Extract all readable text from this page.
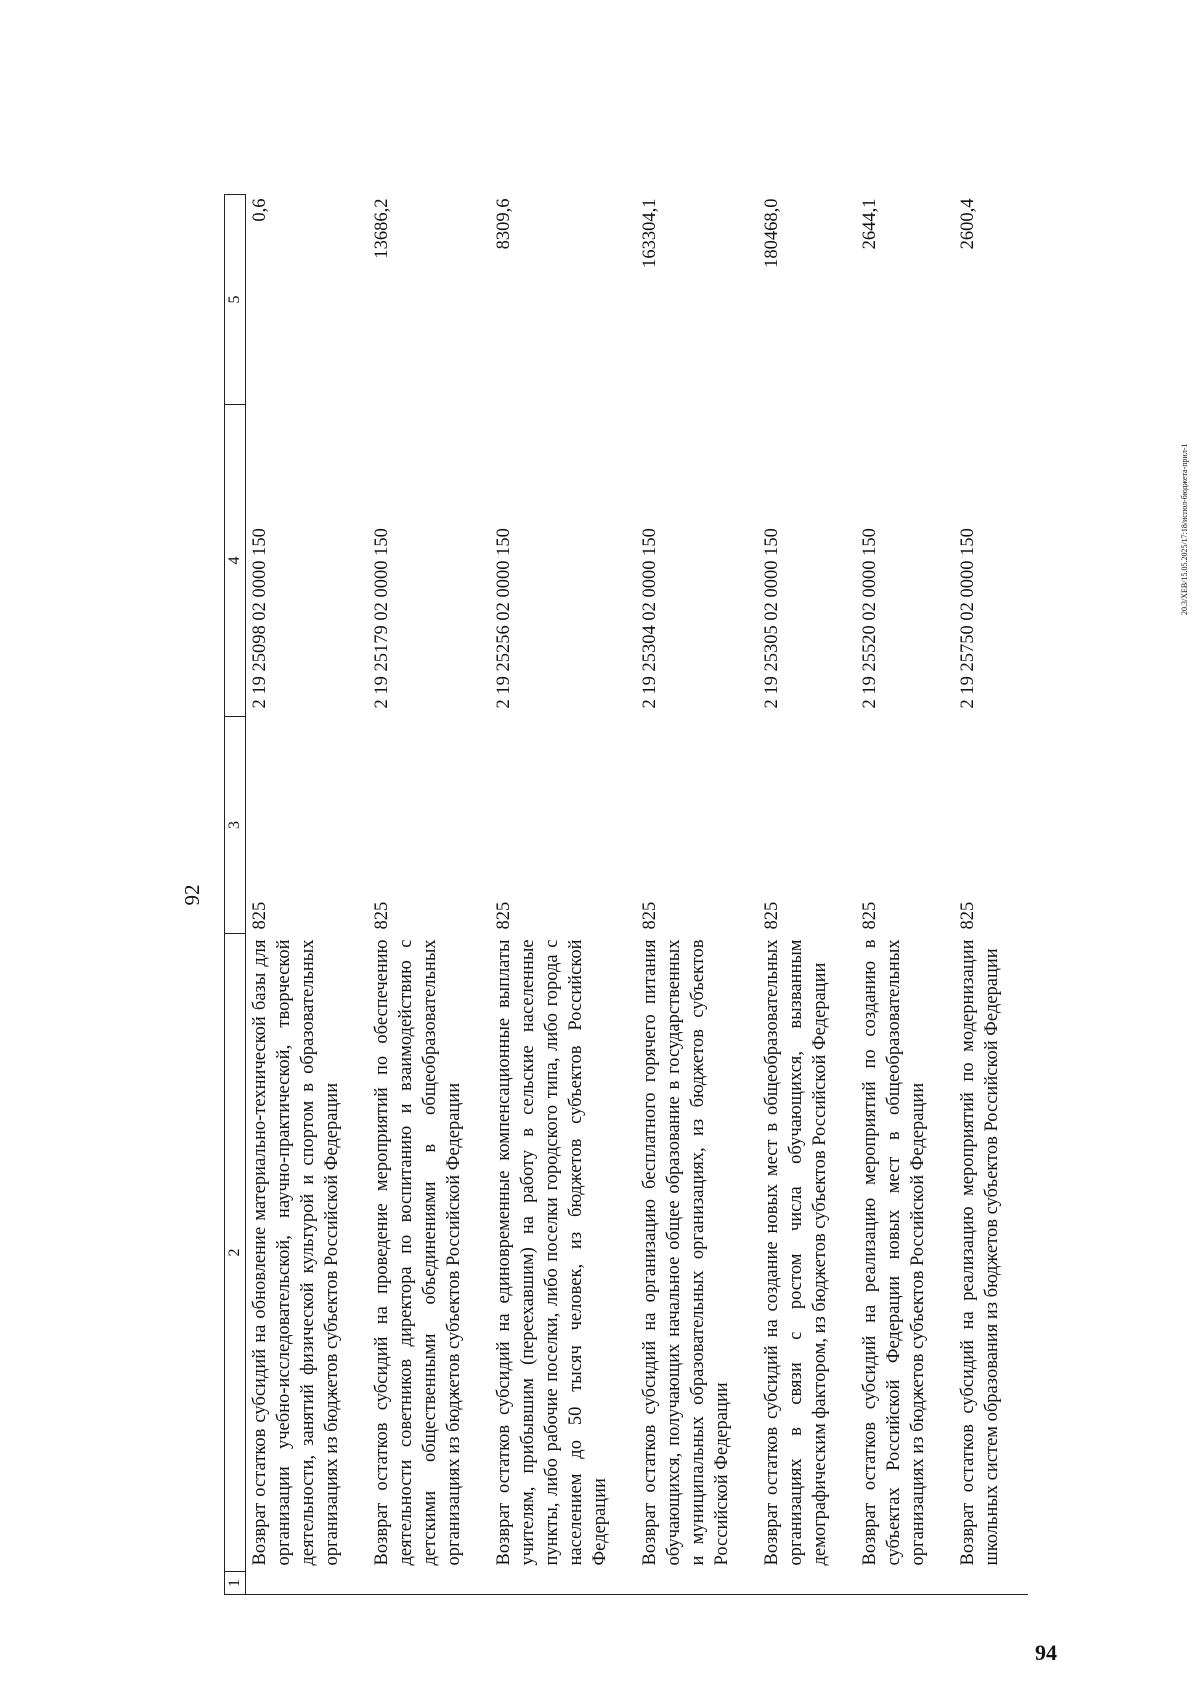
92
1	2	3	4	5
	Возврат остатков субсидий на обновление материально-технической базы для организации учебно-исследовательской, научно-практической, творческой деятельности, занятий физической культурой и спортом в образовательных организациях из бюджетов субъектов Российской Федерации	825	2 19 25098 02 0000 150	0,6
	Возврат остатков субсидий на проведение мероприятий по обеспечению деятельности советников директора по воспитанию и взаимодействию с детскими общественными объединениями в общеобразовательных организациях из бюджетов субъектов Российской Федерации	825	2 19 25179 02 0000 150	13686,2
	Возврат остатков субсидий на единовременные компенсационные выплаты учителям, прибывшим (переехавшим) на работу в сельские населенные пункты, либо рабочие поселки, либо поселки городского типа, либо города с населением до 50 тысяч человек, из бюджетов субъектов Российской Федерации	825	2 19 25256 02 0000 150	8309,6
	Возврат остатков субсидий на организацию бесплатного горячего питания обучающихся, получающих начальное общее образование в государственных и муниципальных образовательных организациях, из бюджетов субъектов Российской Федерации	825	2 19 25304 02 0000 150	163304,1
	Возврат остатков субсидий на создание новых мест в общеобразовательных организациях в связи с ростом числа обучающихся, вызванным демографическим фактором, из бюджетов субъектов Российской Федерации	825	2 19 25305 02 0000 150	180468,0
	Возврат остатков субсидий на реализацию мероприятий по созданию в субъектах Российской Федерации новых мест в общеобразовательных организациях из бюджетов субъектов Российской Федерации	825	2 19 25520 02 0000 150	2644,1
	Возврат остатков субсидий на реализацию мероприятий по модернизации школьных систем образования из бюджетов субъектов Российской Федерации	825	2 19 25750 02 0000 150	2600,4
20.3/ХЕВ/15.05.2025/17:18/испол-бюджета-прил-1
94
